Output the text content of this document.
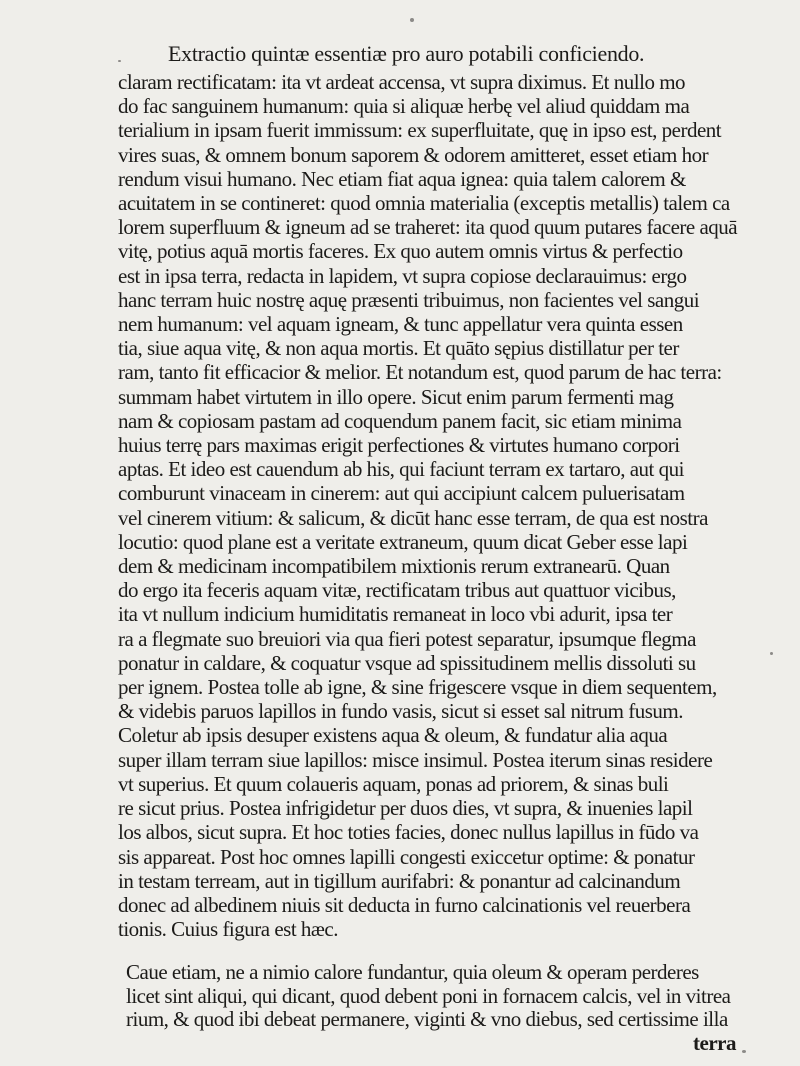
Extractio quintæ essentiæ pro auro potabili conficiendo.
claram rectificatam: ita vt ardeat accensa, vt supra diximus. Et nullo mo
do fac sanguinem humanum: quia si aliquæ herbę vel aliud quiddam ma
terialium in ipsam fuerit immissum: ex superfluitate, quę in ipso est, perdent
vires suas, & omnem bonum saporem & odorem amitteret, esset etiam hor
rendum visui humano. Nec etiam fiat aqua ignea: quia talem calorem &
acuitatem in se contineret: quod omnia materialia (exceptis metallis) talem ca
lorem superfluum & igneum ad se traheret: ita quod quum putares facere aquā
vitę, potius aquā mortis faceres. Ex quo autem omnis virtus & perfectio
est in ipsa terra, redacta in lapidem, vt supra copiose declarauimus: ergo
hanc terram huic nostrę aquę præsenti tribuimus, non facientes vel sangui
nem humanum: vel aquam igneam, & tunc appellatur vera quinta essen
tia, siue aqua vitę, & non aqua mortis. Et quāto sępius distillatur per ter
ram, tanto fit efficacior & melior. Et notandum est, quod parum de hac terra:
summam habet virtutem in illo opere. Sicut enim parum fermenti mag
nam & copiosam pastam ad coquendum panem facit, sic etiam minima
huius terrę pars maximas erigit perfectiones & virtutes humano corpori
aptas. Et ideo est cauendum ab his, qui faciunt terram ex tartaro, aut qui
comburunt vinaceam in cinerem: aut qui accipiunt calcem puluerisatam
vel cinerem vitium: & salicum, & dicūt hanc esse terram, de qua est nostra
locutio: quod plane est a veritate extraneum, quum dicat Geber esse lapi
dem & medicinam incompatibilem mixtionis rerum extranearū. Quan
do ergo ita feceris aquam vitæ, rectificatam tribus aut quattuor vicibus,
ita vt nullum indicium humiditatis remaneat in loco vbi adurit, ipsa ter
ra a flegmate suo breuiori via qua fieri potest separatur, ipsumque flegma
ponatur in caldare, & coquatur vsque ad spissitudinem mellis dissoluti su
per ignem. Postea tolle ab igne, & sine frigescere vsque in diem sequentem,
& videbis paruos lapillos in fundo vasis, sicut si esset sal nitrum fusum.
Coletur ab ipsis desuper existens aqua & oleum, & fundatur alia aqua
super illam terram siue lapillos: misce insimul. Postea iterum sinas residere
vt superius. Et quum colaueris aquam, ponas ad priorem, & sinas buli
re sicut prius. Postea infrigidetur per duos dies, vt supra, & inuenies lapil
los albos, sicut supra. Et hoc toties facies, donec nullus lapillus in fūdo va
sis appareat. Post hoc omnes lapilli congesti exiccetur optime: & ponatur
in testam terream, aut in tigillum aurifabri: & ponantur ad calcinandum
donec ad albedinem niuis sit deducta in furno calcinationis vel reuerbera
tionis. Cuius figura est hæc.
Caue etiam, ne a nimio calore fundantur, quia oleum & operam perderes
licet sint aliqui, qui dicant, quod debent poni in fornacem calcis, vel in vitrea
rium, & quod ibi debeat permanere, viginti & vno diebus, sed certissime illa
terra
